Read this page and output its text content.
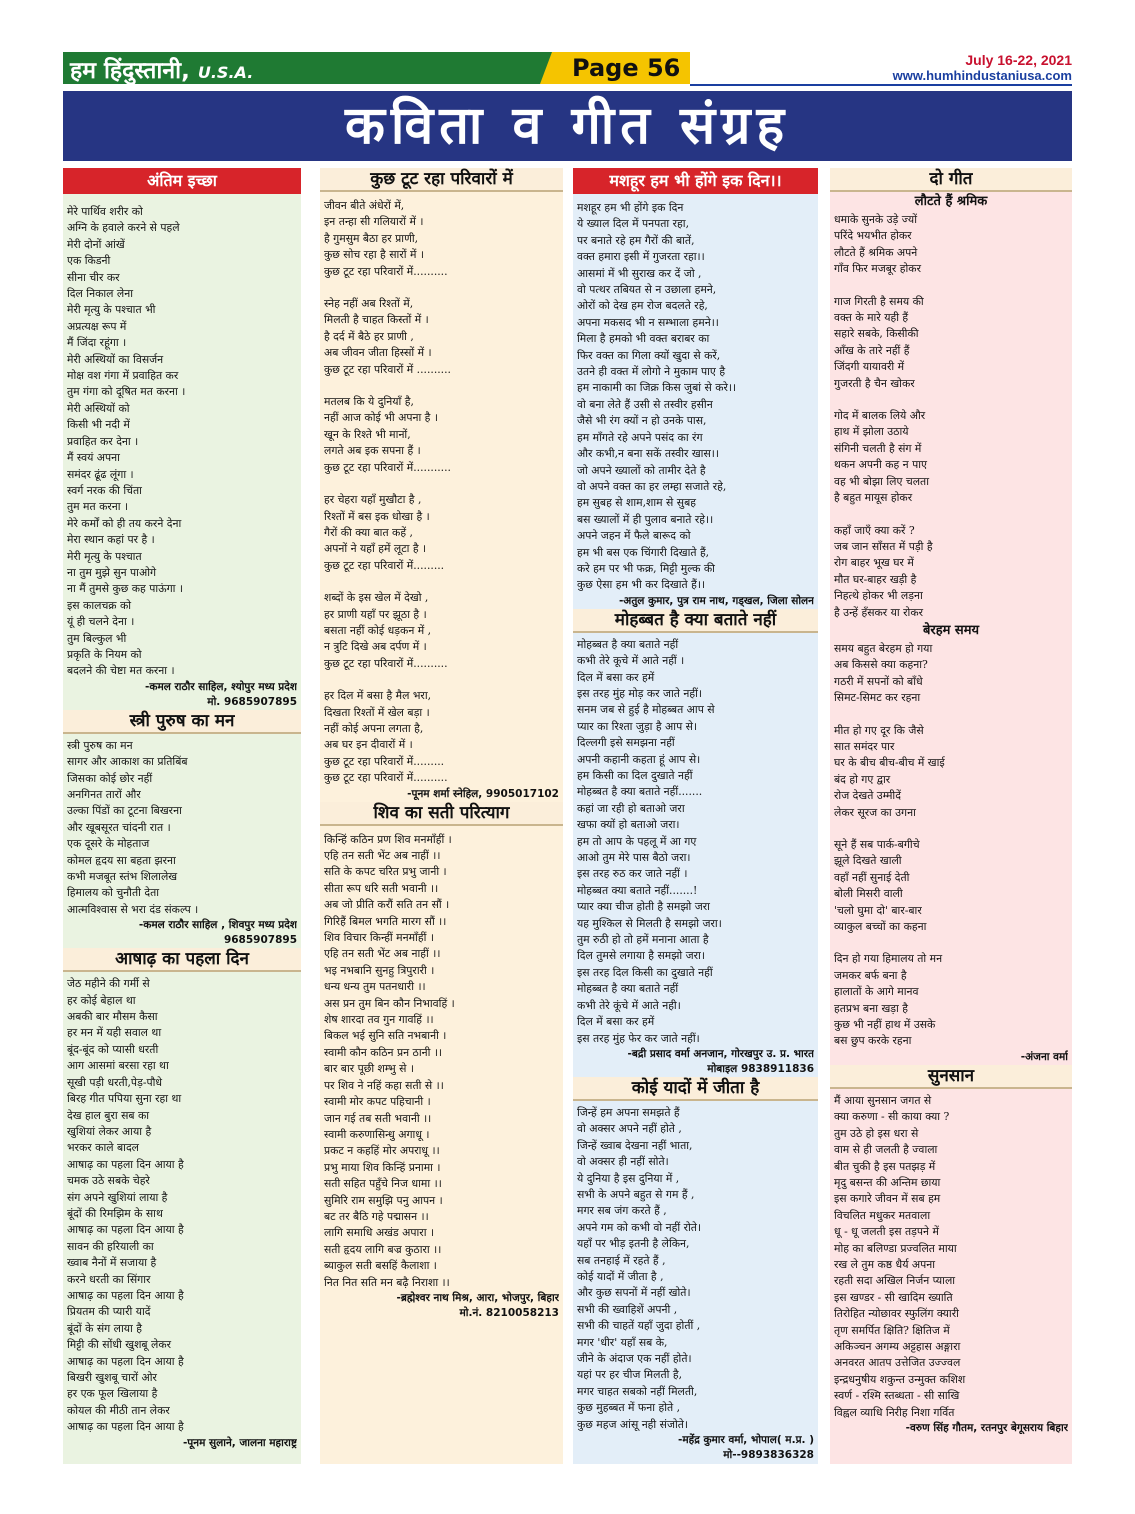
हम हिंदुस्तानी, U.S.A.	Page 56	July 16-22, 2021
www.humhindustaniusa.com
कविता व गीत संग्रह
अंतिम इच्छा

मेरे पार्थिव शरीर को

अग्नि के हवाले करने से पहले

मेरी दोनों आंखें

एक किडनी

सीना चीर कर

दिल निकाल लेना

मेरी मृत्यु के पश्चात भी

अप्रत्यक्ष रूप में

मैं जिंदा रहूंगा ।

मेरी अस्थियों का विसर्जन

मोक्ष वश गंगा में प्रवाहित कर

तुम गंगा को दूषित मत करना ।

मेरी अस्थियों को

किसी भी नदी में

प्रवाहित कर देना ।

मैं स्वयं अपना

समंदर ढूंढ लूंगा ।

स्वर्ग नरक की चिंता

तुम मत करना ।

मेरे कर्मों को ही तय करने देना

मेरा स्थान कहां पर है ।

मेरी मृत्यु के पश्चात

ना तुम मुझे सुन पाओगे

ना मैं तुमसे कुछ कह पाऊंगा ।

इस कालचक्र को

यूं ही चलने देना ।

तुम बिल्कुल भी

प्रकृति के नियम को

बदलने की चेष्टा मत करना ।

-कमल राठौर साहिल, श्योपुर मध्य प्रदेश
मो. 9685907895
स्त्री पुरुष का मन

स्त्री पुरुष का मन

सागर और आकाश का प्रतिबिंब

जिसका कोई छोर नहीं

अनगिनत तारों और

उल्का पिंडों का टूटना बिखरना

और खूबसूरत चांदनी रात ।

एक दूसरे के मोहताज

कोमल हृदय सा बहता झरना

कभी मजबूत स्तंभ शिलालेख

हिमालय को चुनौती देता

आत्मविश्वास से भरा दंड संकल्प ।

-कमल राठौर साहिल , शिवपुर मध्य प्रदेश
9685907895
आषाढ़ का पहला दिन

जेठ महीने की गर्मी से

हर कोई बेहाल था

अबकी बार मौसम कैसा

हर मन में यही सवाल था

बूंद-बूंद को प्यासी धरती

आग आसमां बरसा रहा था

सूखी पड़ी धरती,पेड़-पौधे

बिरह गीत पपिया सुना रहा था

देख हाल बुरा सब का

खुशियां लेकर आया है

भरकर काले बादल

आषाढ़ का पहला दिन आया है

चमक उठे सबके चेहरे

संग अपने खुशियां लाया है

बूंदों की रिमझिम के साथ

आषाढ़ का पहला दिन आया है

सावन की हरियाली का

ख्वाब नैनों में सजाया है

करने धरती का सिंगार

आषाढ़ का पहला दिन आया है

प्रियतम की प्यारी यादें

बूंदों के संग लाया है

मिट्टी की सोंधी खुशबू लेकर

आषाढ़ का पहला दिन आया है

बिखरी खुशबू चारों ओर

हर एक फूल खिलाया है

कोयल की मीठी तान लेकर

आषाढ़ का पहला दिन आया है

-पूनम सुलाने, जालना महाराष्ट्र
कुछ टूट रहा परिवारों में

जीवन बीते अंधेरों में,

इन तन्हा सी गलियारों में ।

है गुमसुम बैठा हर प्राणी,

कुछ सोच रहा है सारों में ।

कुछ टूट रहा परिवारों में..........

स्नेह नहीं अब रिश्तों में,

मिलती है चाहत किस्तों में ।

है दर्द में बैठे हर प्राणी ,

अब जीवन जीता हिस्सों में ।

कुछ टूट रहा परिवारों में ..........

मतलब कि ये दुनियाँ है,

नहीं आज कोई भी अपना है ।

खून के रिश्ते भी मानों,

लगते अब इक सपना हैं ।

कुछ टूट रहा परिवारों में...........

हर चेहरा यहाँ मुखौटा है ,

रिश्तों में बस इक धोखा है ।

गैरों की क्या बात कहें ,

अपनों ने यहाँ हमें लूटा है ।

कुछ टूट रहा परिवारों में.........

शब्दों के इस खेल में देखो ,

हर प्राणी यहाँ पर झूठा है ।

बसता नहीं कोई धड़कन में ,

न त्रुटि दिखे अब दर्पण में ।

कुछ टूट रहा परिवारों में..........

हर दिल में बसा है मैल भरा,

दिखता रिश्तों में खेल बड़ा ।

नहीं कोई अपना लगता है,

अब घर इन दीवारों में ।

कुछ टूट रहा परिवारों में.........

कुछ टूट रहा परिवारों में..........

-पूनम शर्मा स्नेहिल, 9905017102
शिव का सती परित्याग

किन्हिं कठिन प्रण शिव मनमाँहीं ।

एहि तन सती भेंट अब नाहीं ।।

सति के कपट चरित प्रभु जानी ।

सीता रूप धरि सती भवानी ।।

अब जो प्रीति करौं सति तन सौं ।

गिरिहैं बिमल भगति मारग सौं ।।

शिव विचार किन्हीं मनमाँहीं ।

एहि तन सती भेंट अब नाहीं ।।

भइ नभबानि सुनहु त्रिपुरारी ।

धन्य धन्य तुम पतनधारी ।।

अस प्रन तुम बिन कौन निभावहिं ।

शेष शारदा तव गुन गावहिं ।।

बिकल भई सुनि सति नभबानी ।

स्वामी कौन कठिन प्रन ठानी ।।

बार बार पूछी शम्भु से ।

पर शिव ने नहिं कहा सती से ।।

स्वामी मोर कपट पहिचानी ।

जान गई तब सती भवानी ।।

स्वामी करुणासिन्धु अगाधू ।

प्रकट न कहहिं मोर अपराधू ।।

प्रभु माया शिव किन्हिं प्रनामा ।

सती सहित पहुँचे निज धामा ।।

सुमिरि राम समुझि पनु आपन ।

बट तर बैठि गहे पद्मासन ।।

लागि समाधि अखंड अपारा ।

सती हृदय लागि बज्र कुठारा ।।

ब्याकुल सती बसहिं कैलाशा ।

नित नित सति मन बढ़ै निराशा ।।

-ब्रह्मेश्वर नाथ मिश्र, आरा, भोजपुर, बिहार
मो.नं. 8210058213
मशहूर हम भी होंगे इक दिन।।

मशहूर हम भी होंगे इक दिन

ये ख्याल दिल में पनपता रहा,

पर बनाते रहे हम गैरों की बातें,

वक्त हमारा इसी में गुजरता रहा।।

आसमां में भी सुराख कर दें जो ,

वो पत्थर तबियत से न उछाला हमने,

ओरों को देख हम रोज बदलते रहे,

अपना मकसद भी न सम्भाला हमने।।

मिला है हमको भी वक्त बराबर का

फिर वक्त का गिला क्यों खुदा से करें,

उतने ही वक्त में लोगो ने मुकाम पाए है

हम नाकामी का जिक्र किस जुबां से करे।।

वो बना लेते हैं उसी से तस्वीर हसीन

जैसे भी रंग क्यों न हो उनके पास,

हम माँगते रहे अपने पसंद का रंग

और कभी,न बना सकें तस्वीर खास।।

जो अपने ख्यालों को तामीर देते है

वो अपने वक्त का हर लम्हा सजाते रहे,

हम सुबह से शाम,शाम से सुबह

बस ख्यालों में ही पुलाव बनाते रहे।।

अपने जहन में फैले बारूद को

हम भी बस एक चिंगारी दिखाते हैं,

करे हम पर भी फक्र, मिट्टी मुल्क की

कुछ ऐसा हम भी कर दिखाते हैं।।

-अतुल कुमार, पुत्र राम नाथ, गड्खल, जिला सोलन
मोहब्बत है क्या बताते नहीं

मोहब्बत है क्या बताते नहीं

कभी तेरे कूचे में आते नहीं ।

दिल में बसा कर हमें

इस तरह मुंह मोड़ कर जाते नहीं।

सनम जब से हुई है मोहब्बत आप से

प्यार का रिश्ता जुड़ा है आप से।

दिल्लगी इसे समझना नहीं

अपनी कहानी कहता हूं आप से।

हम किसी का दिल दुखाते नहीं

मोहब्बत है क्या बताते नहीं.......

कहां जा रही हो बताओ जरा

खफा क्यों हो बताओ जरा।

हम तो आप के पहलू में आ गए

आओ तुम मेरे पास बैठो जरा।

इस तरह रुठ कर जाते नहीं ।

मोहब्बत क्या बताते नहीं.......!

प्यार क्या चीज होती है समझो जरा

यह मुश्किल से मिलती है समझो जरा।

तुम रुठी हो तो हमें मनाना आता है

दिल तुमसे लगाया है समझो जरा।

इस तरह दिल किसी का दुखाते नहीं

मोहब्बत है क्या बताते नहीं

कभी तेरे कूंचे में आते नही।

दिल में बसा कर हमें

इस तरह मुंह फेर कर जाते नहीं।

-बद्री प्रसाद वर्मा अनजान, गोरखपुर उ. प्र. भारत
मोबाइल 9838911836
कोई यादों में जीता है

जिन्हें हम अपना समझते हैं

वो अक्सर अपने नहीं होते ,

जिन्हें ख्वाब देखना नहीं भाता,

वो अक्सर ही नहीं सोते।

ये दुनिया है इस दुनिया में ,

सभी के अपने बहुत से गम हैं ,

मगर सब जंग करते हैं ,

अपने गम को कभी वो नहीं रोते।

यहाँ पर भीड़ इतनी है लेकिन,

सब तनहाई में रहते हैं ,

कोई यादों में जीता है ,

और कुछ सपनों में नहीं खोते।

सभी की ख्वाहिशें अपनी ,

सभी की चाहतें यहाँ जुदा होतीं ,

मगर 'धीर' यहाँ सब के,

जीने के अंदाज एक नहीं होते।

यहां पर हर चीज मिलती है,

मगर चाहत सबको नहीं मिलती,

कुछ मुहब्बत में फना होते ,

कुछ महज आंसू नही संजोते।

-महेंद्र कुमार वर्मा, भोपाल( म.प्र. )
मो--9893836328
दो गीत
लौटते हैं श्रमिक

धमाके सुनके उड़े ज्यों

परिंदे भयभीत होकर

लौटते हैं श्रमिक अपने

गाँव फिर मजबूर होकर

गाज गिरती है समय की

वक्त के मारे यही हैं

सहारे सबके, किसीकी

आँख के तारे नहीं हैं

जिंदगी यायावरी में

गुजरती है चैन खोकर

गोद में बालक लिये और

हाथ में झोला उठाये

संगिनी चलती है संग में

थकन अपनी कह न पाए

वह भी बोझा लिए चलता

है बहुत मायूस होकर

कहाँ जाएँ क्या करें ?

जब जान साँसत में पड़ी है

रोग बाहर भूख घर में

मौत घर-बाहर खड़ी है

निहत्थे होकर भी लड़ना

है उन्हें हँसकर या रोकर

बेरहम समय

समय बहुत बेरहम हो गया

अब किससे क्या कहना?

गठरी में सपनों को बाँधे

सिमट-सिमट कर रहना

मीत हो गए दूर कि जैसे

सात समंदर पार

घर के बीच बीच-बीच में खाई

बंद हो गए द्वार

रोज देखते उम्मीदें

लेकर सूरज का उगना

सूने हैं सब पार्क-बगीचे

झूले दिखते खाली

वहाँ नहीं सुनाई देती

बोली मिसरी वाली

'चलो घुमा दो' बार-बार

व्याकुल बच्चों का कहना

दिन हो गया हिमालय तो मन

जमकर बर्फ बना है

हालातों के आगे मानव

हतप्रभ बना खड़ा है

कुछ भी नहीं हाथ में उसके

बस छुप करके रहना

-अंजना वर्मा
सुनसान

मैं आया सुनसान जगत से

क्या करुणा - सी काया क्या ?

तुम उठे हो इस धरा से

वाम से ही जलती है ज्वाला

बीत चुकी है इस पतझड़ में

मृदु बसन्त की अन्तिम छाया

इस कगारे जीवन में सब हम

विचलित मधुकर मतवाला

धू - धू जलती इस तड़पने में

मोह का बलिण्डा प्रज्वलित माया

रख ले तुम कष्ठ धैर्य अपना

रहती सदा अखिल निर्जन प्याला

इस खण्डर - सी खादिम ख्याति

तिरोहित न्योछावर स्फुलिंग क्यारी

तृण समर्पित क्षिति? क्षितिज में

अकिञ्चन अगम्य अट्टहास अङ्गारा

अनवरत आतप उत्तेजित उज्ज्वल

इन्द्रधनुषीय शकुन्त उन्मुक्त कशिश

स्वर्ण - रश्मि स्तब्धता - सी साखि

विह्वल व्याधि निरीह निशा गर्वित

-वरुण सिंह गौतम, रतनपुर बेगूसराय बिहार
